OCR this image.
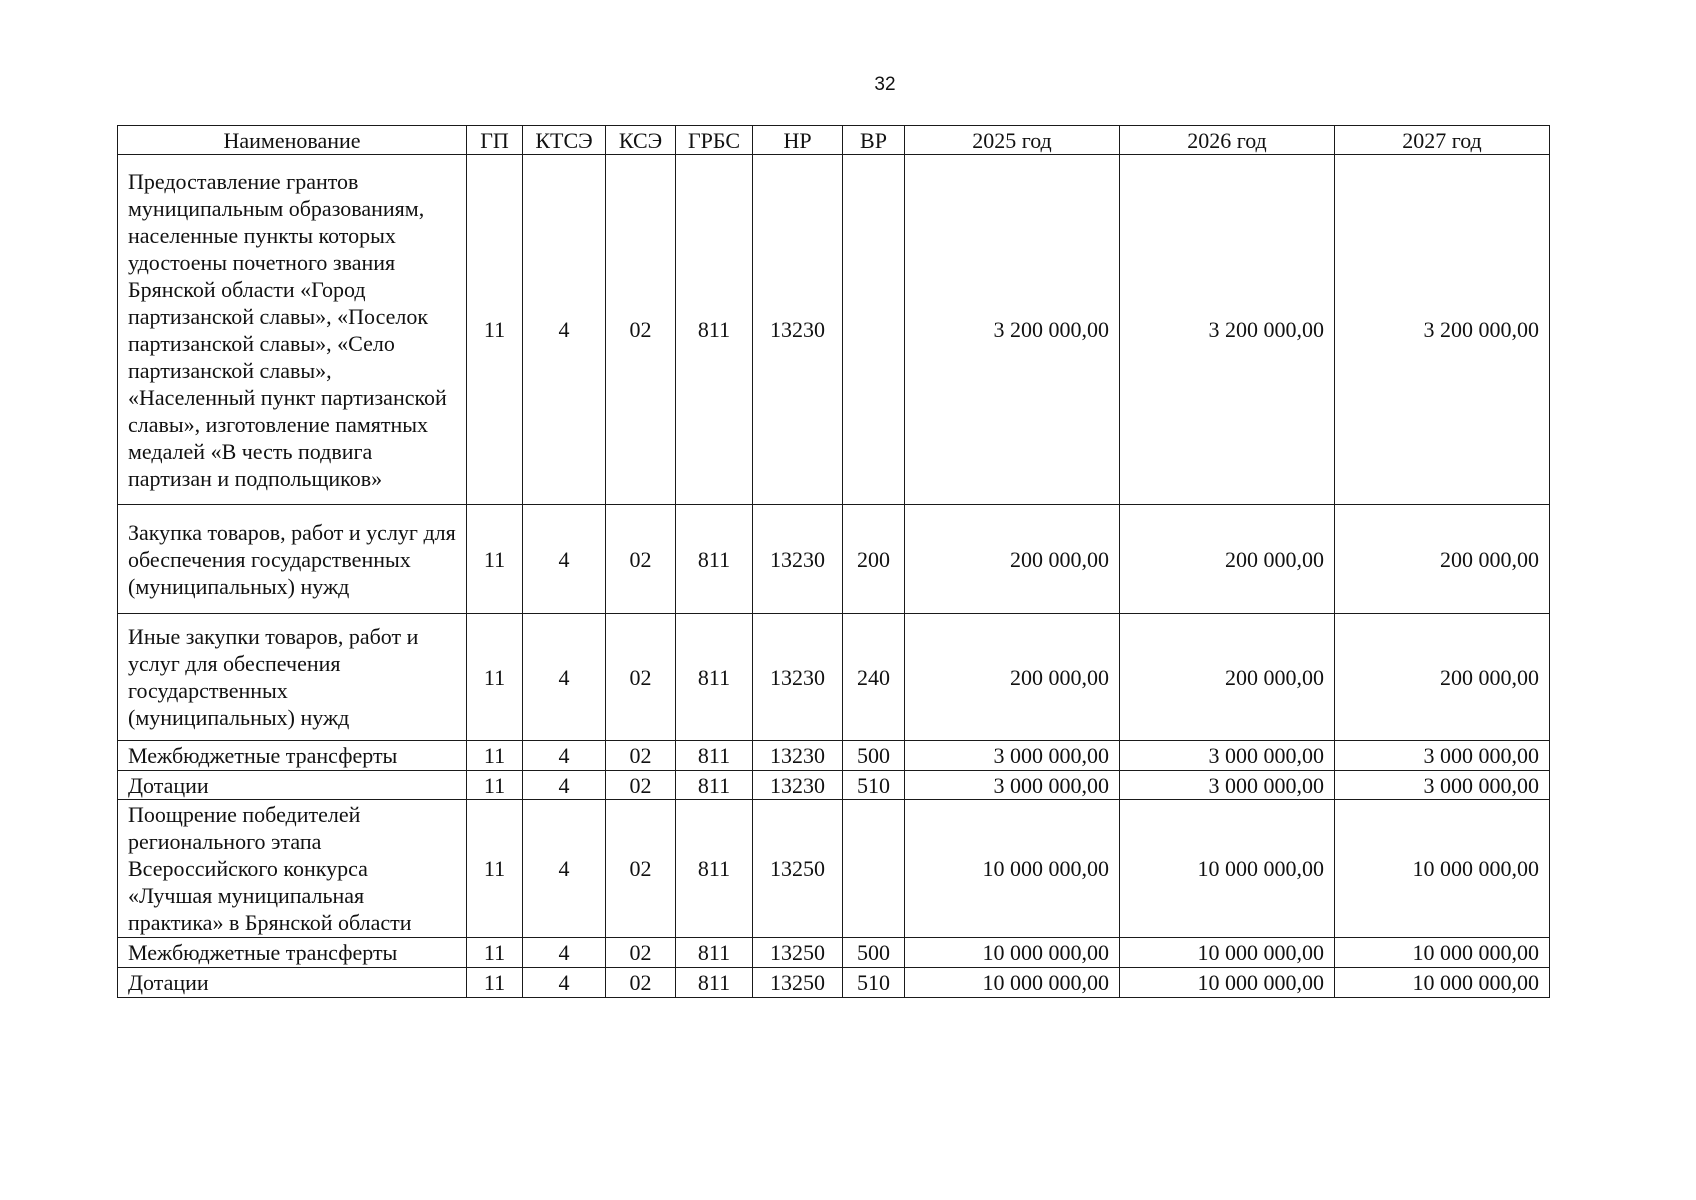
32
Наименование	ГП	КТСЭ	КСЭ	ГРБС	НР	ВР	2025 год	2026 год	2027 год
Предоставление грантов муниципальным образованиям, населенные пункты которых удостоены почетного звания Брянской области «Город партизанской славы», «Поселок партизанской славы», «Село партизанской славы», «Населенный пункт партизанской славы», изготовление памятных медалей «В честь подвига партизан и подпольщиков»	11	4	02	811	13230		3 200 000,00	3 200 000,00	3 200 000,00
Закупка товаров, работ и услуг для обеспечения государственных (муниципальных) нужд	11	4	02	811	13230	200	200 000,00	200 000,00	200 000,00
Иные закупки товаров, работ и услуг для обеспечения государственных (муниципальных) нужд	11	4	02	811	13230	240	200 000,00	200 000,00	200 000,00
Межбюджетные трансферты	11	4	02	811	13230	500	3 000 000,00	3 000 000,00	3 000 000,00
Дотации	11	4	02	811	13230	510	3 000 000,00	3 000 000,00	3 000 000,00
Поощрение победителей регионального этапа Всероссийского конкурса «Лучшая муниципальная практика» в Брянской области	11	4	02	811	13250		10 000 000,00	10 000 000,00	10 000 000,00
Межбюджетные трансферты	11	4	02	811	13250	500	10 000 000,00	10 000 000,00	10 000 000,00
Дотации	11	4	02	811	13250	510	10 000 000,00	10 000 000,00	10 000 000,00
